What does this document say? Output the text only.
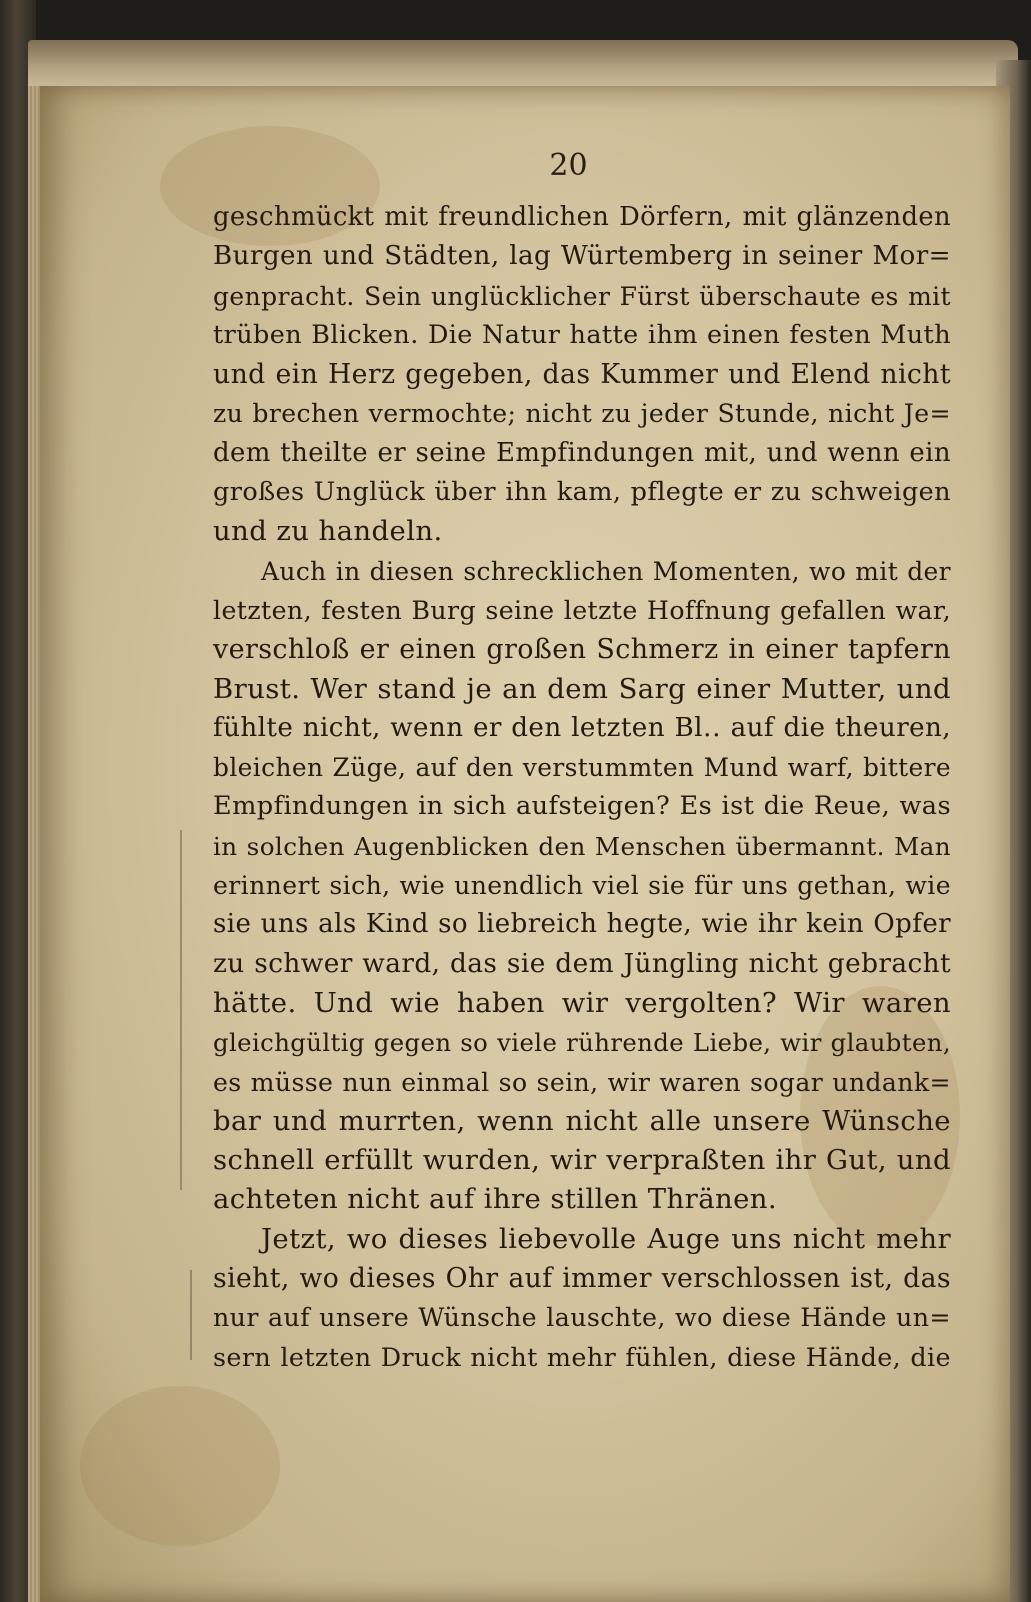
20
geschmückt mit freundlichen Dörfern, mit glänzenden
Burgen und Städten, lag Würtemberg in seiner Mor=
genpracht. Sein unglücklicher Fürst überschaute es mit
trüben Blicken. Die Natur hatte ihm einen festen Muth
und ein Herz gegeben, das Kummer und Elend nicht
zu brechen vermochte; nicht zu jeder Stunde, nicht Je=
dem theilte er seine Empfindungen mit, und wenn ein
großes Unglück über ihn kam, pflegte er zu schweigen
und zu handeln.
Auch in diesen schrecklichen Momenten, wo mit der
letzten, festen Burg seine letzte Hoffnung gefallen war,
verschloß er einen großen Schmerz in einer tapfern
Brust. Wer stand je an dem Sarg einer Mutter, und
fühlte nicht, wenn er den letzten Bl․․ auf die theuren,
bleichen Züge, auf den verstummten Mund warf, bittere
Empfindungen in sich aufsteigen? Es ist die Reue, was
in solchen Augenblicken den Menschen übermannt. Man
erinnert sich, wie unendlich viel sie für uns gethan, wie
sie uns als Kind so liebreich hegte, wie ihr kein Opfer
zu schwer ward, das sie dem Jüngling nicht gebracht
hätte. Und wie haben wir vergolten? Wir waren
gleichgültig gegen so viele rührende Liebe, wir glaubten,
es müsse nun einmal so sein, wir waren sogar undank=
bar und murrten, wenn nicht alle unsere Wünsche
schnell erfüllt wurden, wir verpraßten ihr Gut, und
achteten nicht auf ihre stillen Thränen.
Jetzt, wo dieses liebevolle Auge uns nicht mehr
sieht, wo dieses Ohr auf immer verschlossen ist, das
nur auf unsere Wünsche lauschte, wo diese Hände un=
sern letzten Druck nicht mehr fühlen, diese Hände, die
